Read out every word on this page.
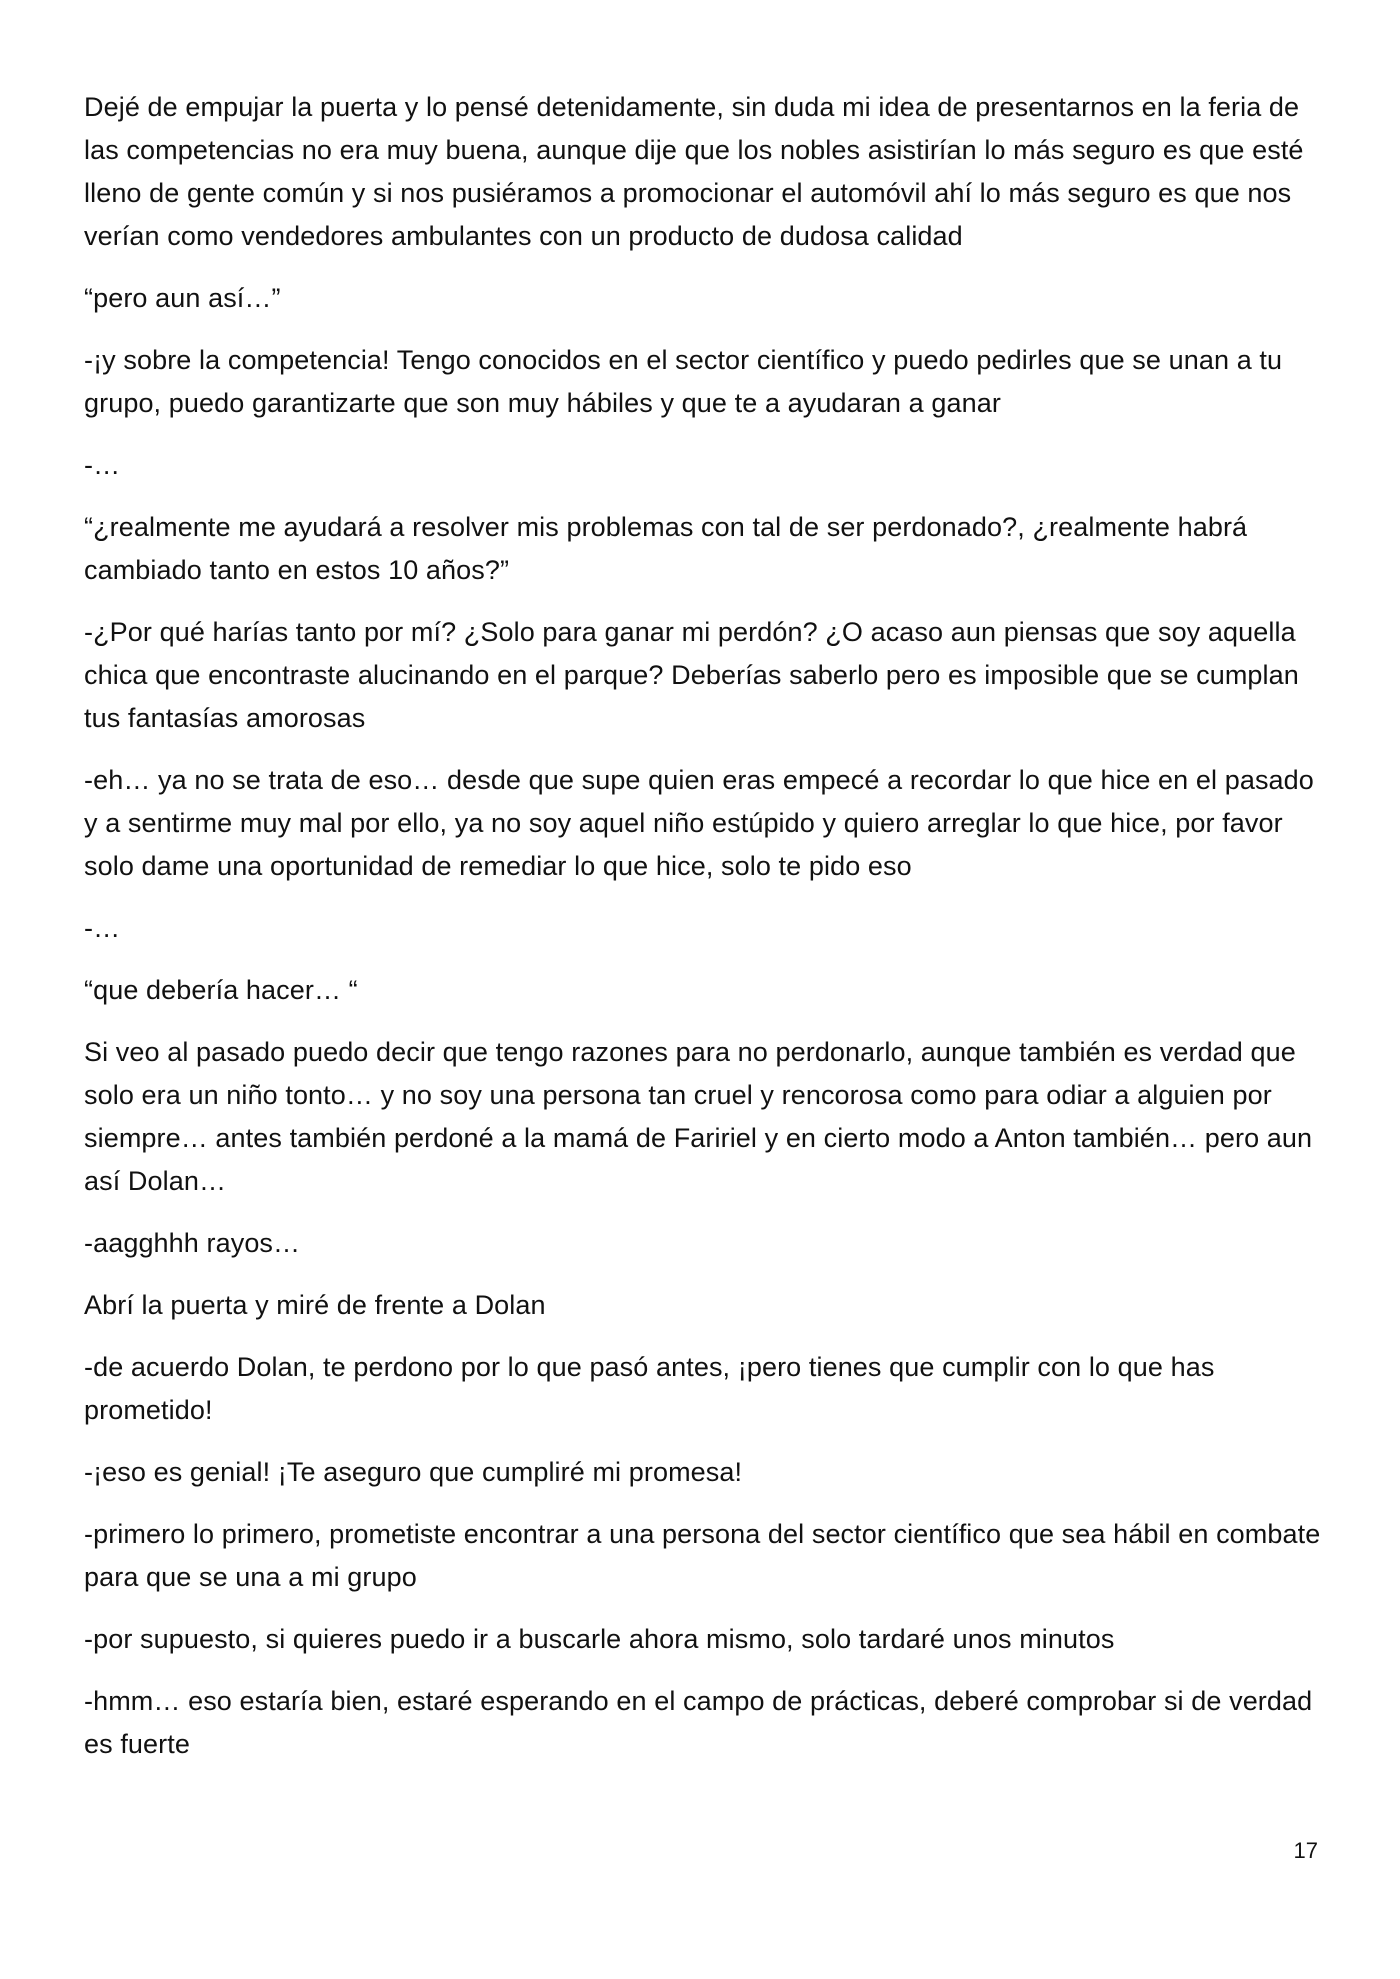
Dejé de empujar la puerta y lo pensé detenidamente, sin duda mi idea de presentarnos en la feria de las competencias no era muy buena, aunque dije que los nobles asistirían lo más seguro es que esté lleno de gente común y si nos pusiéramos a promocionar el automóvil ahí lo más seguro es que nos verían como vendedores ambulantes con un producto de dudosa calidad

“pero aun así…”

-¡y sobre la competencia! Tengo conocidos en el sector científico y puedo pedirles que se unan a tu grupo, puedo garantizarte que son muy hábiles y que te a ayudaran a ganar

-…

“¿realmente me ayudará a resolver mis problemas con tal de ser perdonado?, ¿realmente habrá cambiado tanto en estos 10 años?”

-¿Por qué harías tanto por mí? ¿Solo para ganar mi perdón? ¿O acaso aun piensas que soy aquella chica que encontraste alucinando en el parque? Deberías saberlo pero es imposible que se cumplan tus fantasías amorosas

-eh… ya no se trata de eso… desde que supe quien eras empecé a recordar lo que hice en el pasado y a sentirme muy mal por ello, ya no soy aquel niño estúpido y quiero arreglar lo que hice, por favor solo dame una oportunidad de remediar lo que hice, solo te pido eso

-…

“que debería hacer… “

Si veo al pasado puedo decir que tengo razones para no perdonarlo, aunque también es verdad que solo era un niño tonto… y no soy una persona tan cruel y rencorosa como para odiar a alguien por siempre… antes también perdoné a la mamá de Faririel y en cierto modo a Anton también… pero aun así Dolan…

-aagghhh rayos…

Abrí la puerta y miré de frente a Dolan

-de acuerdo Dolan, te perdono por lo que pasó antes, ¡pero tienes que cumplir con lo que has prometido!

-¡eso es genial! ¡Te aseguro que cumpliré mi promesa!

-primero lo primero, prometiste encontrar a una persona del sector científico que sea hábil en combate para que se una a mi grupo

-por supuesto, si quieres puedo ir a buscarle ahora mismo, solo tardaré unos minutos

-hmm… eso estaría bien, estaré esperando en el campo de prácticas, deberé comprobar si de verdad es fuerte

17
